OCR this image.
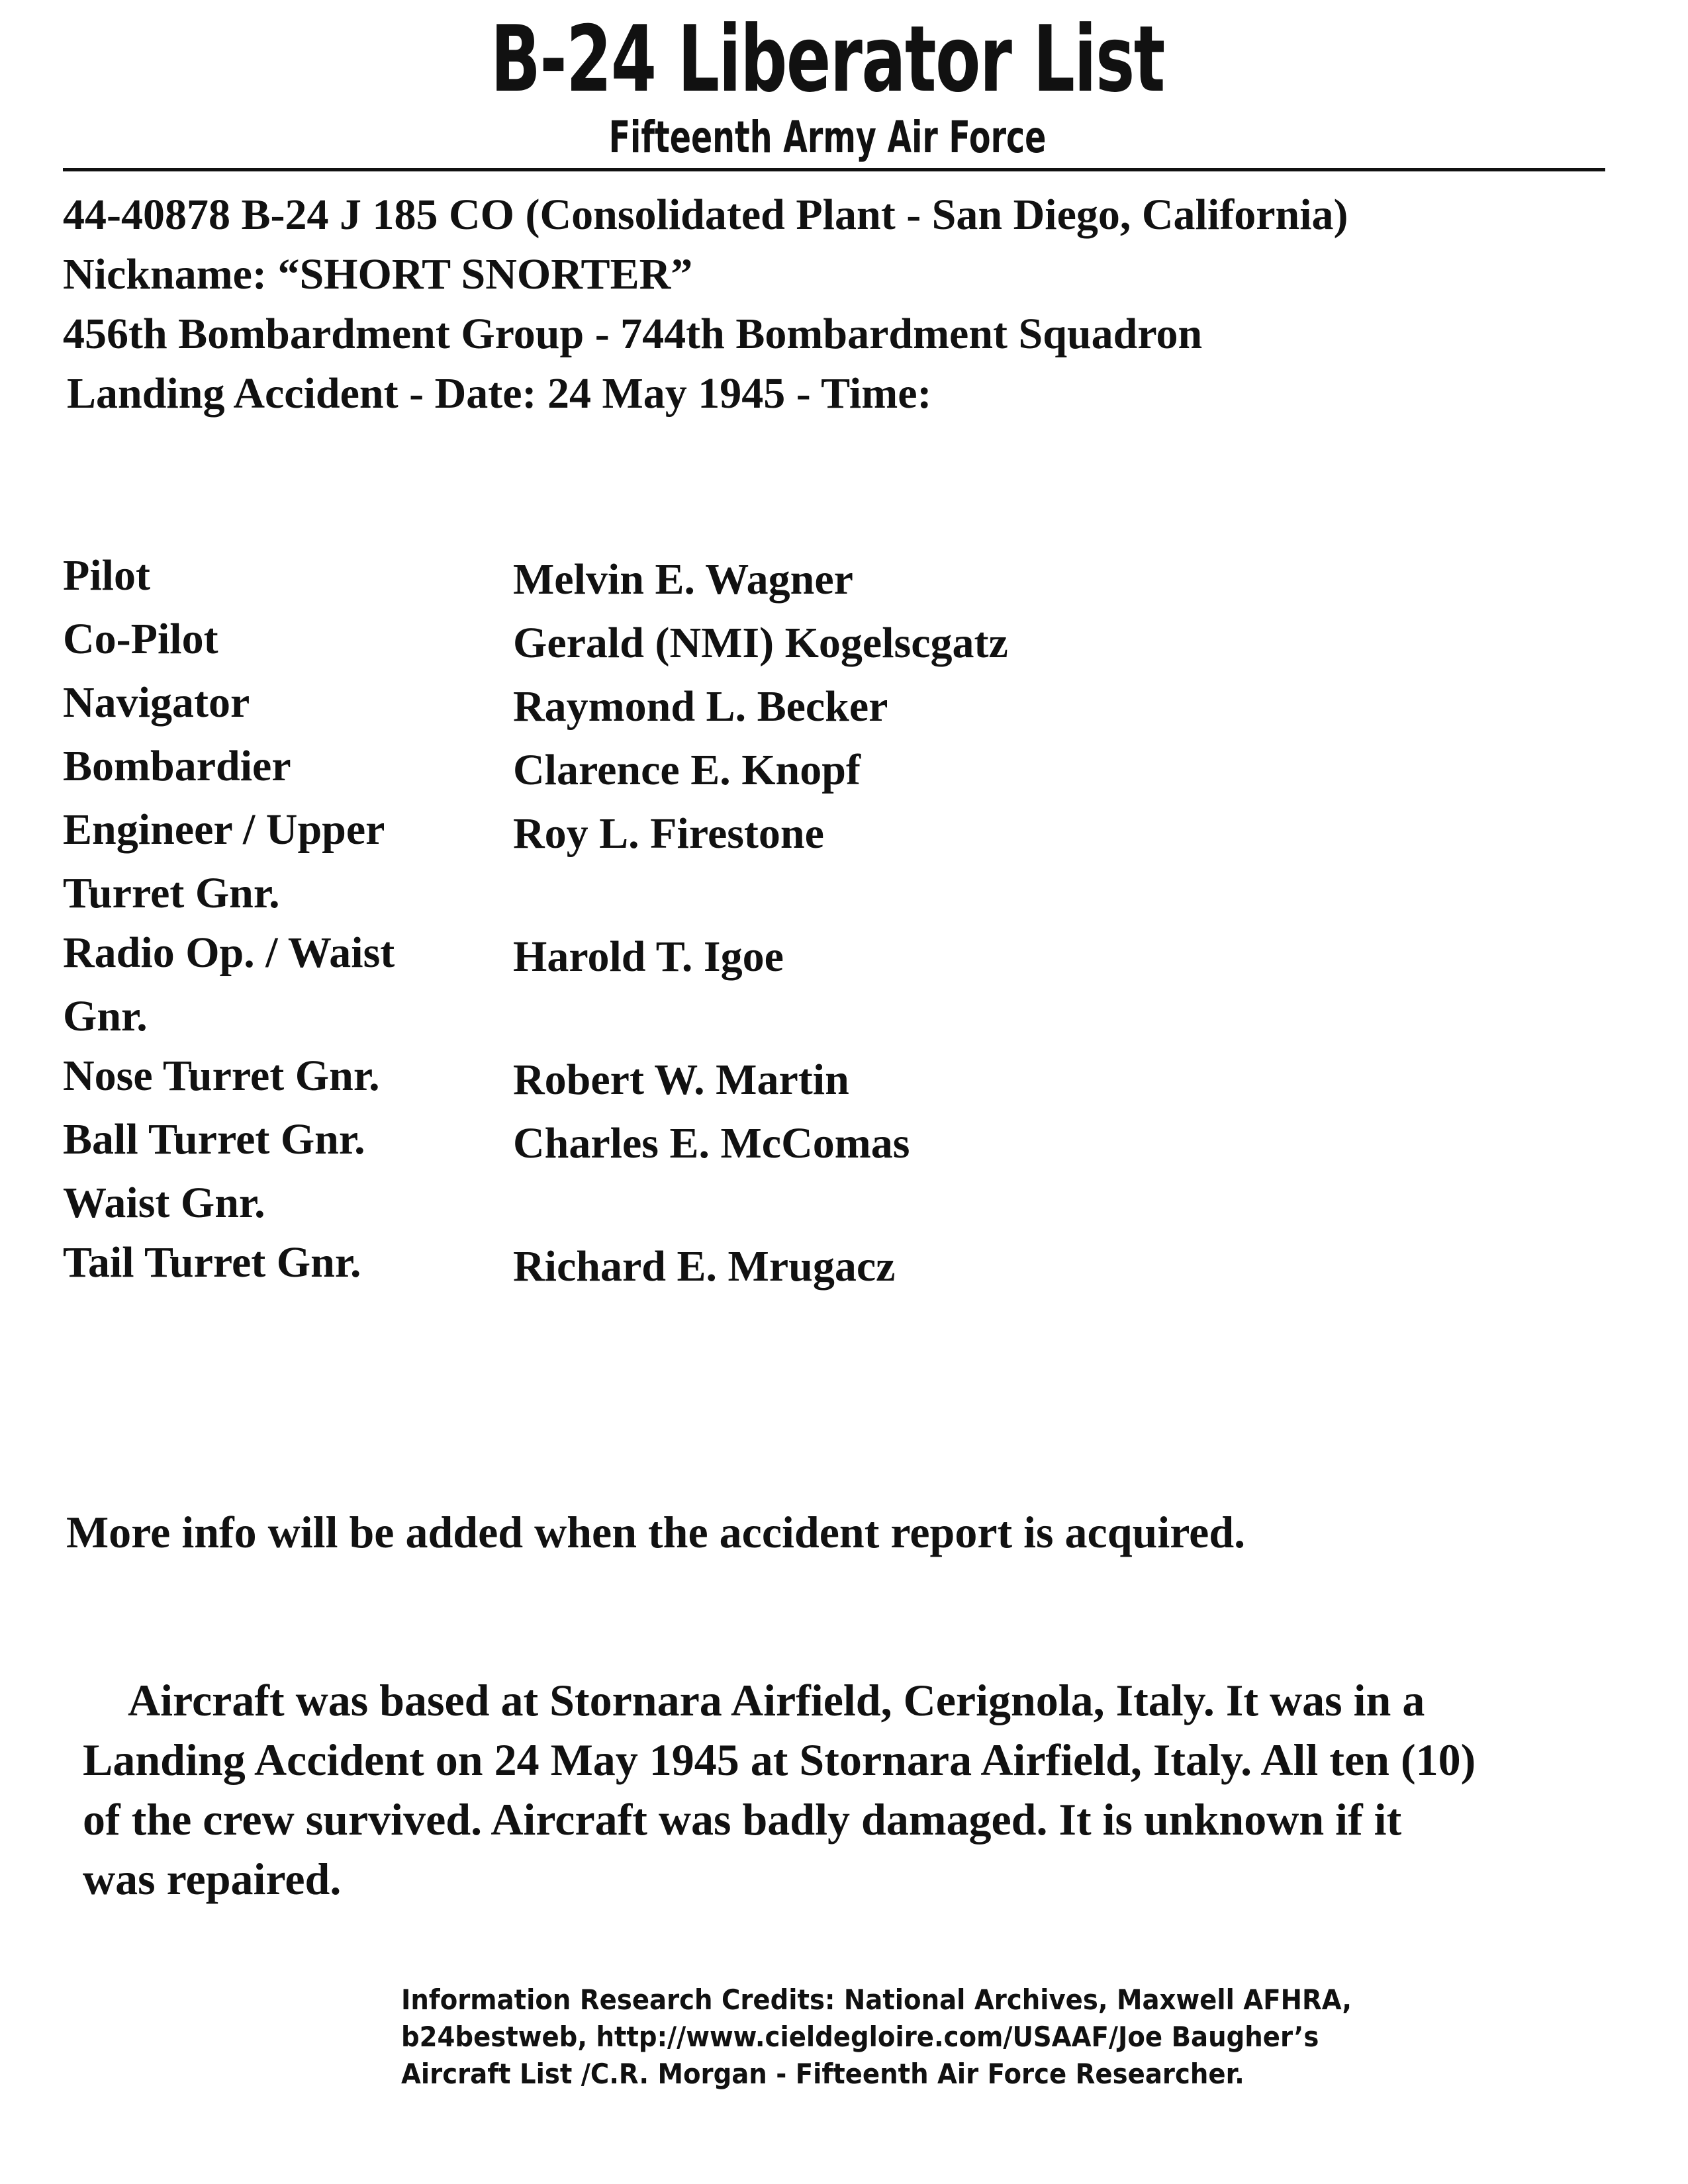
B-24 Liberator List
Fifteenth Army Air Force
44-40878 B-24 J 185 CO (Consolidated Plant - San Diego, California)
Nickname: “SHORT SNORTER”
456th Bombardment Group - 744th Bombardment Squadron
Landing Accident - Date: 24 May 1945 - Time:
Pilot	Melvin E. Wagner
Co-Pilot	Gerald (NMI) Kogelscgatz
Navigator	Raymond L. Becker
Bombardier	Clarence E. Knopf
Engineer / Upper	Roy L. Firestone
Turret Gnr.
Radio Op. / Waist	Harold T. Igoe
Gnr.
Nose Turret Gnr.	Robert W. Martin
Ball Turret Gnr.	Charles E. McComas
Waist Gnr.
Tail Turret Gnr.	Richard E. Mrugacz
More info will be added when the accident report is acquired.
Aircraft was based at Stornara Airfield, Cerignola, Italy. It was in a
Landing Accident on 24 May 1945 at Stornara Airfield, Italy. All ten (10)
of the crew survived. Aircraft was badly damaged. It is unknown if it
was repaired.
Information Research Credits: National Archives, Maxwell AFHRA,
b24bestweb, http://www.cieldegloire.com/USAAF/Joe Baugher’s
Aircraft List /C.R. Morgan - Fifteenth Air Force Researcher.
